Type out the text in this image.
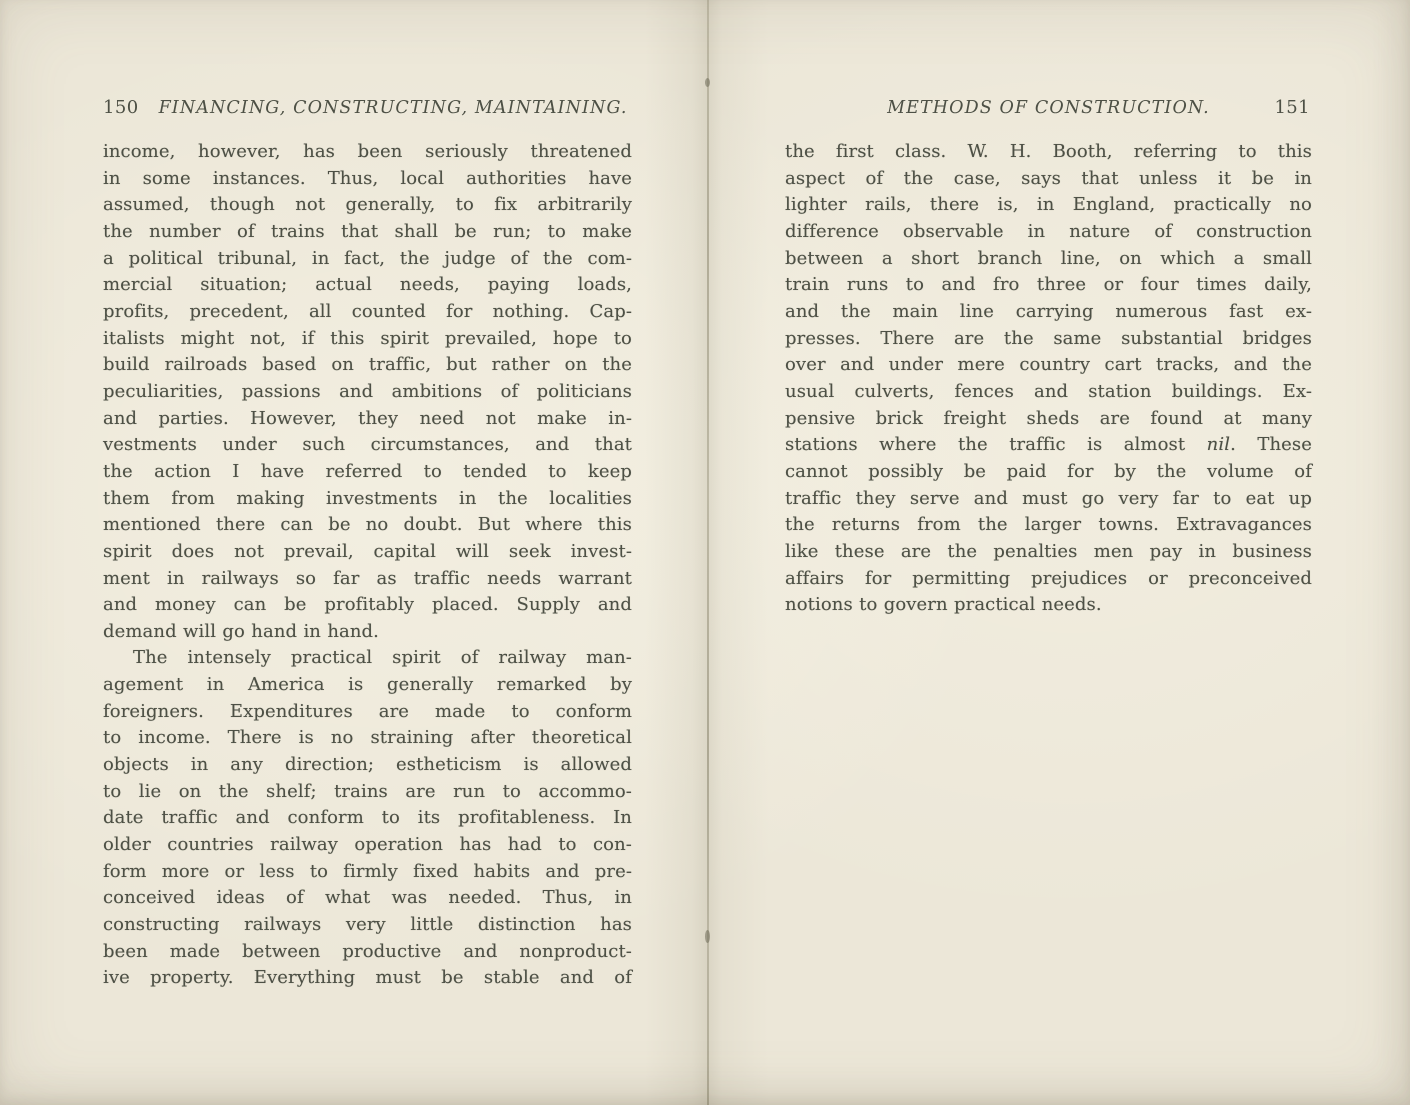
150 FINANCING, CONSTRUCTING, MAINTAINING.
income, however, has been seriously threatened
in some instances. Thus, local authorities have
assumed, though not generally, to fix arbitrarily
the number of trains that shall be run; to make
a political tribunal, in fact, the judge of the com-
mercial situation; actual needs, paying loads,
profits, precedent, all counted for nothing. Cap-
italists might not, if this spirit prevailed, hope to
build railroads based on traffic, but rather on the
peculiarities, passions and ambitions of politicians
and parties. However, they need not make in-
vestments under such circumstances, and that
the action I have referred to tended to keep
them from making investments in the localities
mentioned there can be no doubt. But where this
spirit does not prevail, capital will seek invest-
ment in railways so far as traffic needs warrant
and money can be profitably placed. Supply and
demand will go hand in hand.
The intensely practical spirit of railway man-
agement in America is generally remarked by
foreigners. Expenditures are made to conform
to income. There is no straining after theoretical
objects in any direction; estheticism is allowed
to lie on the shelf; trains are run to accommo-
date traffic and conform to its profitableness. In
older countries railway operation has had to con-
form more or less to firmly fixed habits and pre-
conceived ideas of what was needed. Thus, in
constructing railways very little distinction has
been made between productive and nonproduct-
ive property. Everything must be stable and of
METHODS OF CONSTRUCTION.	151
the first class. W. H. Booth, referring to this
aspect of the case, says that unless it be in
lighter rails, there is, in England, practically no
difference observable in nature of construction
between a short branch line, on which a small
train runs to and fro three or four times daily,
and the main line carrying numerous fast ex-
presses. There are the same substantial bridges
over and under mere country cart tracks, and the
usual culverts, fences and station buildings. Ex-
pensive brick freight sheds are found at many
stations where the traffic is almost nil. These
cannot possibly be paid for by the volume of
traffic they serve and must go very far to eat up
the returns from the larger towns. Extravagances
like these are the penalties men pay in business
affairs for permitting prejudices or preconceived
notions to govern practical needs.
